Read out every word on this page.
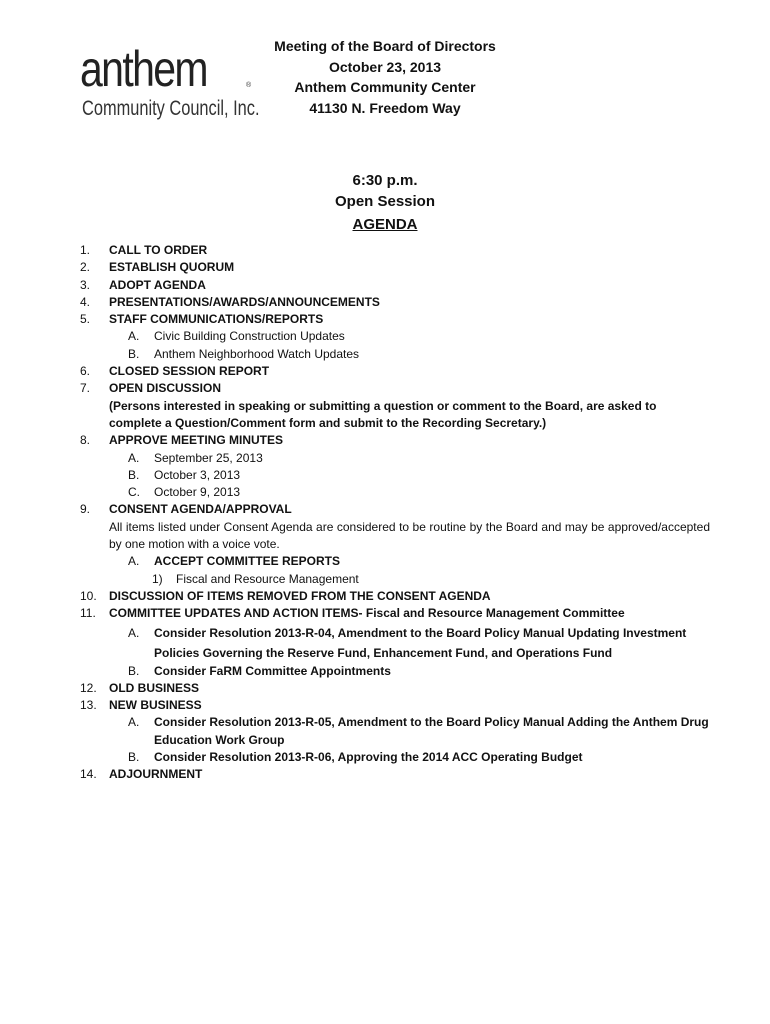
anthem	®
Community Council, Inc.
Meeting of the Board of Directors
October 23, 2013
Anthem Community Center
41130 N. Freedom Way
6:30 p.m.
Open Session
AGENDA
1.	CALL TO ORDER
2.	ESTABLISH QUORUM
3.	ADOPT AGENDA
4.	PRESENTATIONS/AWARDS/ANNOUNCEMENTS
5.	STAFF COMMUNICATIONS/REPORTS
A.	Civic Building Construction Updates
B.	Anthem Neighborhood Watch Updates
6.	CLOSED SESSION REPORT
7.	OPEN DISCUSSION
(Persons interested in speaking or submitting a question or comment to the Board, are asked to complete a Question/Comment form and submit to the Recording Secretary.)
8.	APPROVE MEETING MINUTES
A.	September 25, 2013
B.	October 3, 2013
C.	October 9, 2013
9.	CONSENT AGENDA/APPROVAL
All items listed under Consent Agenda are considered to be routine by the Board and may be approved/accepted by one motion with a voice vote.
A.	ACCEPT COMMITTEE REPORTS
1)	Fiscal and Resource Management
10.	DISCUSSION OF ITEMS REMOVED FROM THE CONSENT AGENDA
11.	COMMITTEE UPDATES AND ACTION ITEMS- Fiscal and Resource Management Committee
A.	Consider Resolution 2013-R-04, Amendment to the Board Policy Manual Updating Investment Policies Governing the Reserve Fund, Enhancement Fund, and Operations Fund
B.	Consider FaRM Committee Appointments
12.	OLD BUSINESS
13.	NEW BUSINESS
A.	Consider Resolution 2013-R-05, Amendment to the Board Policy Manual Adding the Anthem Drug Education Work Group
B.	Consider Resolution 2013-R-06, Approving the 2014 ACC Operating Budget
14.	ADJOURNMENT
